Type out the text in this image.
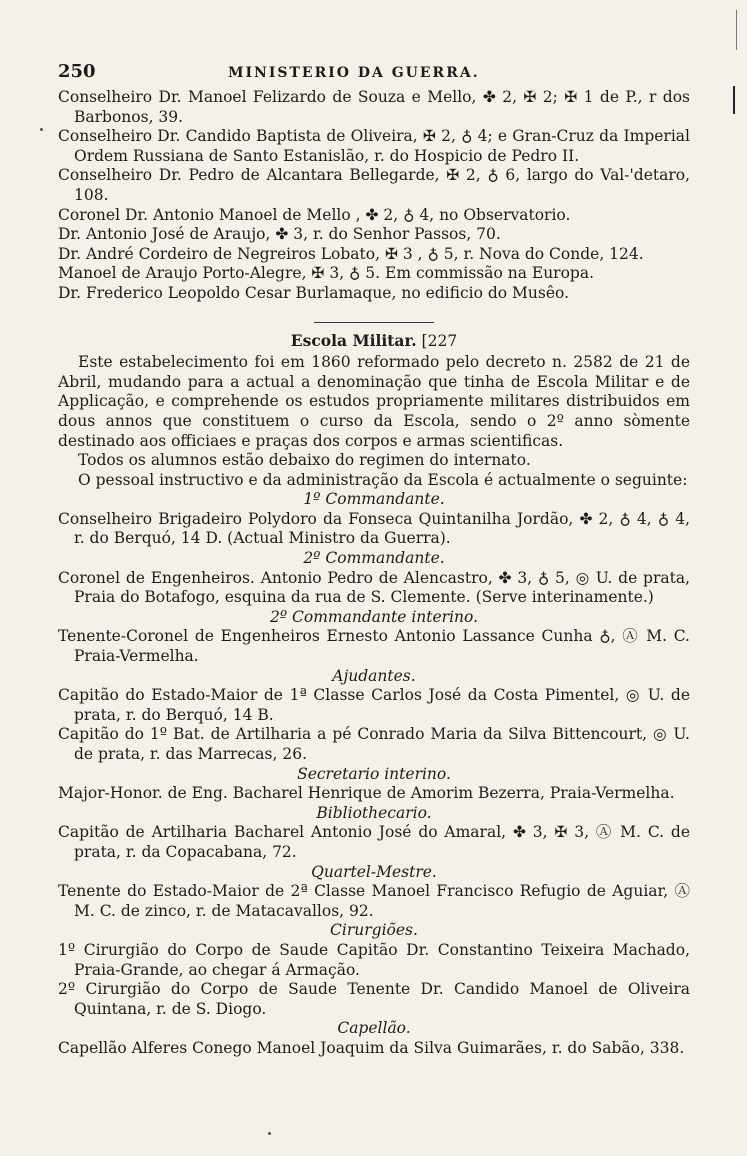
250	MINISTERIO DA GUERRA.

Conselheiro Dr. Manoel Felizardo de Souza e Mello, ✤ 2, ✠ 2; ✠ 1 de P., r dos Barbonos, 39.

Conselheiro Dr. Candido Baptista de Oliveira, ✠ 2, ♁ 4; e Gran-Cruz da Imperial Ordem Russiana de Santo Estanislão, r. do Hospicio de Pedro II.

Conselheiro Dr. Pedro de Alcantara Bellegarde, ✠ 2, ♁ 6, largo do Val-'detaro, 108.

Coronel Dr. Antonio Manoel de Mello , ✤ 2, ♁ 4, no Observatorio.

Dr. Antonio José de Araujo, ✤ 3, r. do Senhor Passos, 70.

Dr. André Cordeiro de Negreiros Lobato, ✠ 3 , ♁ 5, r. Nova do Conde, 124.

Manoel de Araujo Porto-Alegre, ✠ 3, ♁ 5. Em commissão na Europa.

Dr. Frederico Leopoldo Cesar Burlamaque, no edificio do Musêo.

Escola Militar. [227

Este estabelecimento foi em 1860 reformado pelo decreto n. 2582 de 21 de Abril, mudando para a actual a denominação que tinha de Escola Militar e de Applicação, e comprehende os estudos propriamente militares distribuidos em dous annos que constituem o curso da Escola, sendo o 2º anno sòmente destinado aos officiaes e praças dos corpos e armas scientificas.

Todos os alumnos estão debaixo do regimen do internato.

O pessoal instructivo e da administração da Escola é actualmente o seguinte:

1º Commandante.

Conselheiro Brigadeiro Polydoro da Fonseca Quintanilha Jordão, ✤ 2, ♁ 4, ♁ 4, r. do Berquó, 14 D. (Actual Ministro da Guerra).

2º Commandante.

Coronel de Engenheiros. Antonio Pedro de Alencastro, ✤ 3, ♁ 5, ◎ U. de prata, Praia do Botafogo, esquina da rua de S. Clemente. (Serve interinamente.)

2º Commandante interino.

Tenente-Coronel de Engenheiros Ernesto Antonio Lassance Cunha ♁, Ⓐ M. C. Praia-Vermelha.

Ajudantes.

Capitão do Estado-Maior de 1ª Classe Carlos José da Costa Pimentel, ◎ U. de prata, r. do Berquó, 14 B.

Capitão do 1º Bat. de Artilharia a pé Conrado Maria da Silva Bittencourt, ◎ U. de prata, r. das Marrecas, 26.

Secretario interino.

Major-Honor. de Eng. Bacharel Henrique de Amorim Bezerra, Praia-Vermelha.

Bibliothecario.

Capitão de Artilharia Bacharel Antonio José do Amaral, ✤ 3, ✠ 3, Ⓐ M. C. de prata, r. da Copacabana, 72.

Quartel-Mestre.

Tenente do Estado-Maior de 2ª Classe Manoel Francisco Refugio de Aguiar, Ⓐ M. C. de zinco, r. de Matacavallos, 92.

Cirurgiões.

1º Cirurgião do Corpo de Saude Capitão Dr. Constantino Teixeira Machado, Praia-Grande, ao chegar á Armação.

2º Cirurgião do Corpo de Saude Tenente Dr. Candido Manoel de Oliveira Quintana, r. de S. Diogo.

Capellão.

Capellão Alferes Conego Manoel Joaquim da Silva Guimarães, r. do Sabão, 338.
